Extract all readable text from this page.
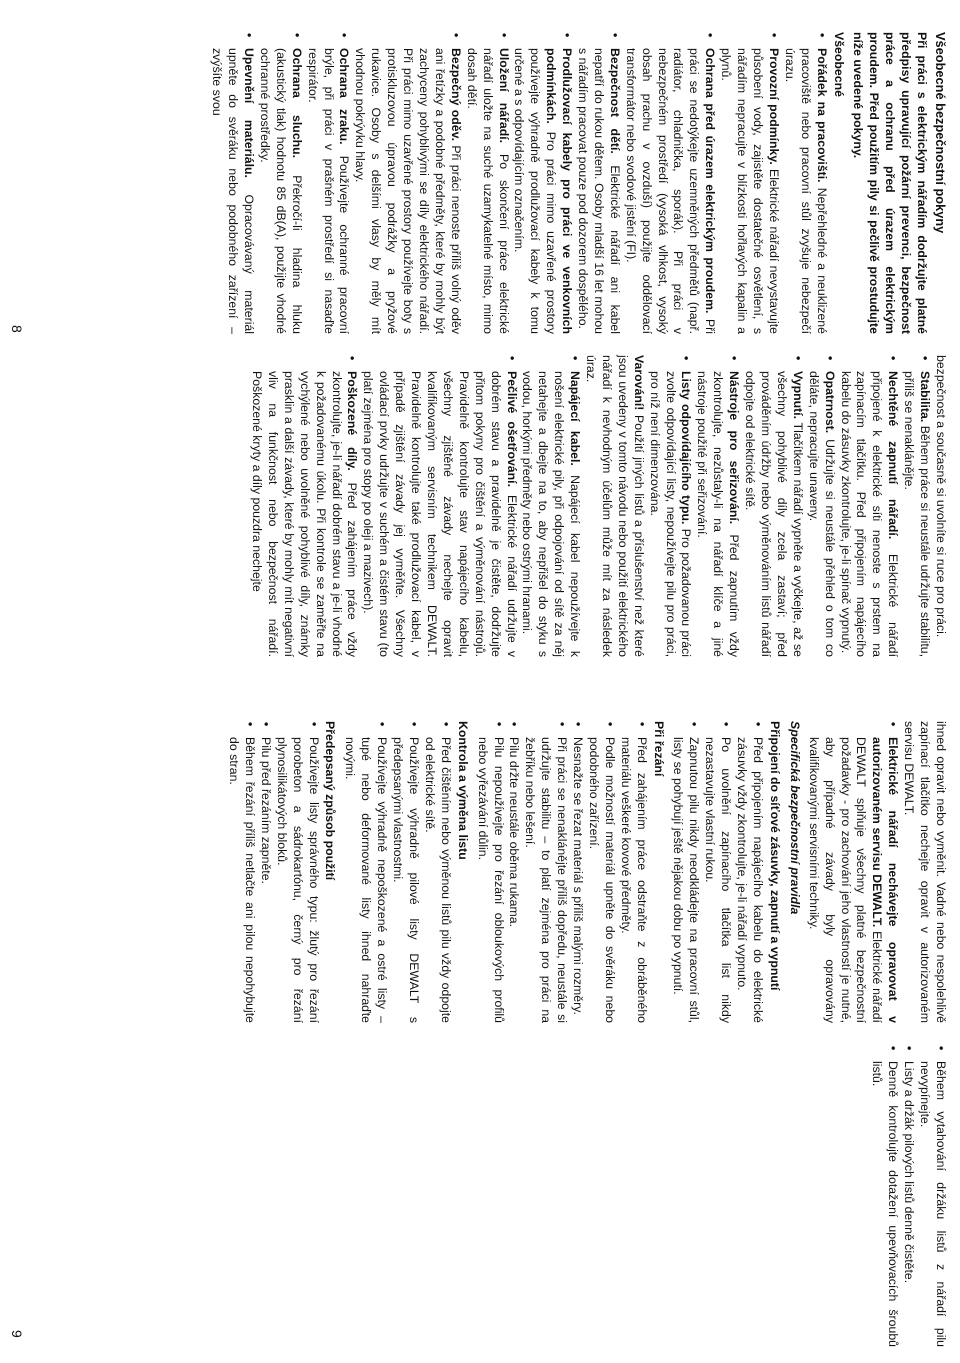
Všeobecné bezpečnostní pokyny

Při práci s elektrickým nářadím dodržujte platné předpisy upravující požární prevenci, bezpečnost práce a ochranu před úrazem elektrickým proudem. Před použitím pily si pečlivě prostudujte níže uvedené pokyny.

Všeobecné

• Pořádek na pracovišti. Nepřehledné a neuklizené pracoviště nebo pracovní stůl zvyšuje nebezpečí úrazu.

• Provozní podmínky. Elektrické nářadí nevystavujte působení vody, zajistěte dostatečné osvětlení, s nářadím nepracujte v blízkosti hořlavých kapalin a plynů.

• Ochrana před úrazem elektrickým proudem. Při práci se nedotýkejte uzemněných předmětů (např. radiátor, chladnička, sporák). Při práci v nebezpečném prostředí (vysoká vlhkost, vysoký obsah prachu v ovzduší) použijte oddělovací transformátor nebo svodové jistění (FI).

• Bezpečnost dětí. Elektrické nářadí ani kabel nepatří do rukou dětem. Osoby mladší 16 let mohou s nářadím pracovat pouze pod dozorem dospělého.

• Prodlužovací kabely pro práci ve venkovních podmínkách. Pro práci mimo uzavřené prostory používejte výhradně prodlužovací kabely k tomu určené a s odpovídajícím označením.

• Uložení nářadí. Po skončení práce elektrické nářadí uložte na suché uzamykatelné místo, mimo dosah dětí.

• Bezpečný oděv. Při práci nenoste příliš volný oděv ani řetízky a podobné předměty, které by mohly být zachyceny pohyblivými se díly elektrického nářadí. Při práci mimo uzavřené prostory používejte boty s protiskluzovou úpravou podrážky a pryžové rukavice. Osoby s delšími vlasy by měly mít vhodnou pokrývku hlavy.

• Ochrana zraku. Používejte ochranné pracovní brýle, při práci v prašném prostředí si nasaďte respirátor.

• Ochrana sluchu. Překročí-li hladina hluku (akustický tlak) hodnotu 85 dB(A), použijte vhodné ochranné prostředky.

• Upevnění materiálu. Opracovávaný materiál upněte do svěráku nebo podobného zařízení – zvýšíte svou

bezpečnost a současně si uvolníte si ruce pro práci.

• Stabilita. Během práce si neustále udržujte stabilitu, příliš se nenaklánějte.

• Nechtěné zapnutí nářadí. Elektrické nářadí připojené k elektrické síti nenoste s prstem na zapínacím tlačítku. Před připojením napájecího kabelu do zásuvky zkontrolujte, je-li spínač vypnutý.

• Opatrnost. Udržujte si neustále přehled o tom co děláte, nepracujte unaveny.

• Vypnutí. Tlačítkem nářadí vypněte a vyčkejte, až se všechny pohyblivé díly zcela zastaví; před prováděním údržby nebo výměnováním listů nářadí odpojte od elektrické sítě.

• Nástroje pro seřizování. Před zapnutím vždy zkontrolujte, nezůstaly-li na nářadí klíče a jiné nástroje použité při seřizování.

• Listy odpovídajícího typu. Pro požadovanou práci zvolte odpovídající listy, nepoužívejte pilu pro práci, pro níž není dimenzována.

Varování! Použití jiných listů a příslušenství než které jsou uvedeny v tomto návodu nebo použití elektrického nářadí k nevhodným účelům může mít za následek úraz.

• Napájecí kabel. Napájecí kabel nepoužívejte k nošení elektrické pily, při odpojování od sítě za něj netahejte a dbejte na to, aby nepřišel do styku s vodou, horkými předměty nebo ostrými hranami.

• Pečlivé ošetřování. Elektrické nářadí udržujte v dobrém stavu a pravidelně je čistěte, dodržujte přitom pokyny pro čištění a výměnování nástrojů. Pravidelně kontrolujte stav napájecího kabelu, všechny zjištěné závady nechejte opravit kvalifikovaným servisním technikem DEWALT. Pravidelně kontrolujte také prodlužovací kabel, v případě zjištění závady jej vyměňte. Všechny ovládací prvky udržujte v suchém a čistém stavu (to platí zejména pro stopy po oleji a mazivech).

• Poškozené díly. Před zahájením práce vždy zkontrolujte, je-li nářadí dobrém stavu a je-li vhodné k požadovanému úkolu. Při kontrole se zaměřte na vychýlené nebo uvolněné pohyblivé díly, známky prasklin a další závady, které by mohly mít negativní vliv na funkčnost nebo bezpečnost nářadí. Poškozené kryty a díly pouzdra nechejte

ihned opravit nebo vyměnit. Vadné nebo nespolehlivě zapínací tlačítko nechejte opravit v autorizovaném servisu DEWALT.

• Elektrické nářadí nechávejte opravovat v autorizovaném servisu DEWALT. Elektrické nářadí DEWALT splňuje všechny platné bezpečnostní požadavky - pro zachování jeho vlastností je nutné, aby případné závady byly opravovány kvalifikovanými servisními techniky.

Specifická bezpečnostní pravidla

Připojení do síťové zásuvky, zapnutí a vypnutí

• Před připojením napájecího kabelu do elektrické zásuvky vždy zkontrolujte, je-li nářadí vypnuto.

• Po uvolnění zapínacího tlačítka list nikdy nezastavujte vlastní rukou.

• Zapnutou pilu nikdy neodkládejte na pracovní stůl, listy se pohybují ještě nějakou dobu po vypnutí.

Při řezání

• Před zahájením práce odstraňte z obráběného materiálu veškeré kovové předměty.

• Podle možností materiál upněte do svěráku nebo podobného zařízení.

• Nesnažte se řezat materiál s příliš malými rozměry.

• Při práci se nenaklánějte příliš dopředu, neustále si udržujte stabilitu – to platí zejména pro práci na žebříku nebo lešení.

• Pilu držte neustále oběma rukama.

• Pilu nepoužívejte pro řezání obloukových profilů nebo vyřezávání důlin.

Kontrola a výměna listu

• Před čištěním nebo výměnou listů pilu vždy odpojte od elektrické sítě.

• Používejte výhradně pilové listy DEWALT s předepsanými vlastnostmi.

• Používejte výhradně nepoškozené a ostré listy – tupé nebo deformované listy ihned nahraďte novými.

Předepsaný způsob použití

• Používejte listy správného typu: žlutý pro řezání porobeton a sádrokartónu, černý pro řezání plynosilikátových bloků.

• Pilu před řezáním zapněte.

• Během řezání příliš netlačte ani pilou nepohybujte do stran.

• Během vytahování držáku listů z nářadí pilu nevypínejte.

• Listy a držák pilových listů denně čistěte.

• Denně kontrolujte dotažení upevňovacích šroubů listů.

8
9
